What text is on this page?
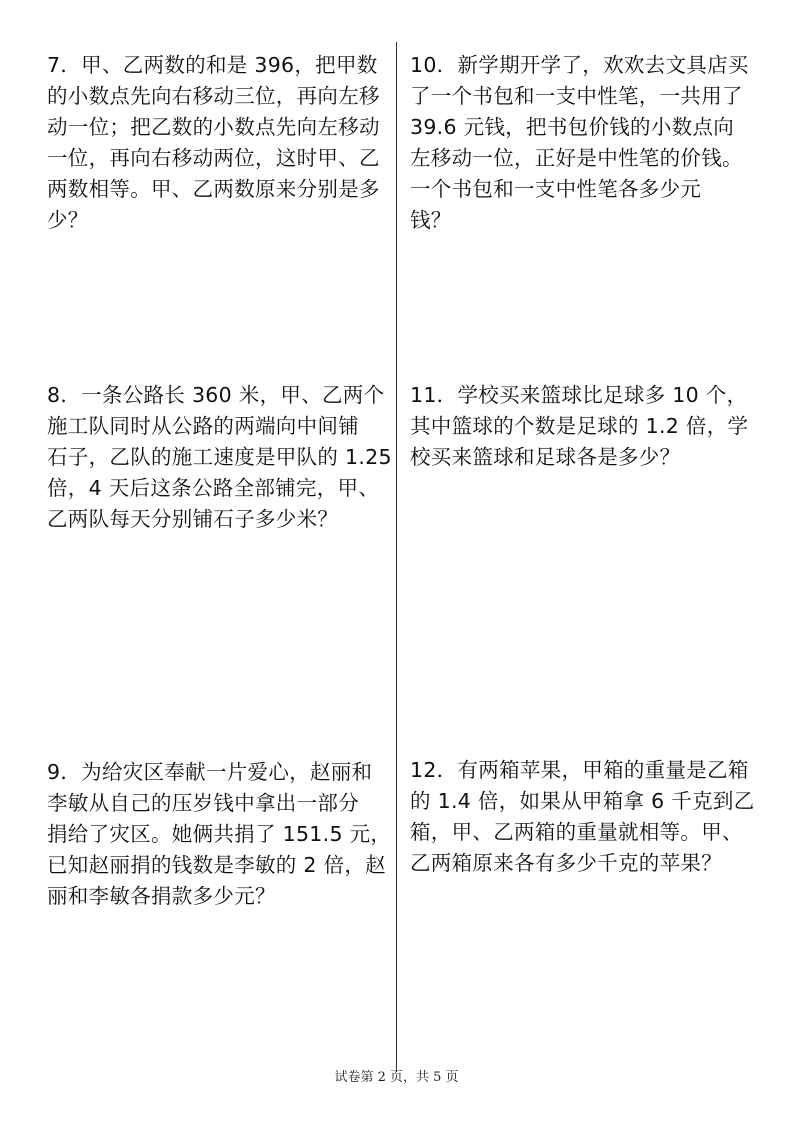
7．甲、乙两数的和是 396，把甲数
的小数点先向右移动三位，再向左移
动一位；把乙数的小数点先向左移动
一位，再向右移动两位，这时甲、乙
两数相等。甲、乙两数原来分别是多
少？
10．新学期开学了，欢欢去文具店买
了一个书包和一支中性笔，一共用了
39.6 元钱，把书包价钱的小数点向
左移动一位，正好是中性笔的价钱。
一个书包和一支中性笔各多少元
钱？
8．一条公路长 360 米，甲、乙两个
施工队同时从公路的两端向中间铺
石子，乙队的施工速度是甲队的 1.25
倍，4 天后这条公路全部铺完，甲、
乙两队每天分别铺石子多少米？
11．学校买来篮球比足球多 10 个，
其中篮球的个数是足球的 1.2 倍，学
校买来篮球和足球各是多少？
9．为给灾区奉献一片爱心，赵丽和
李敏从自己的压岁钱中拿出一部分
捐给了灾区。她俩共捐了 151.5 元，
已知赵丽捐的钱数是李敏的 2 倍，赵
丽和李敏各捐款多少元？
12．有两箱苹果，甲箱的重量是乙箱
的 1.4 倍，如果从甲箱拿 6 千克到乙
箱，甲、乙两箱的重量就相等。甲、
乙两箱原来各有多少千克的苹果？
试卷第 2 页，共 5 页
